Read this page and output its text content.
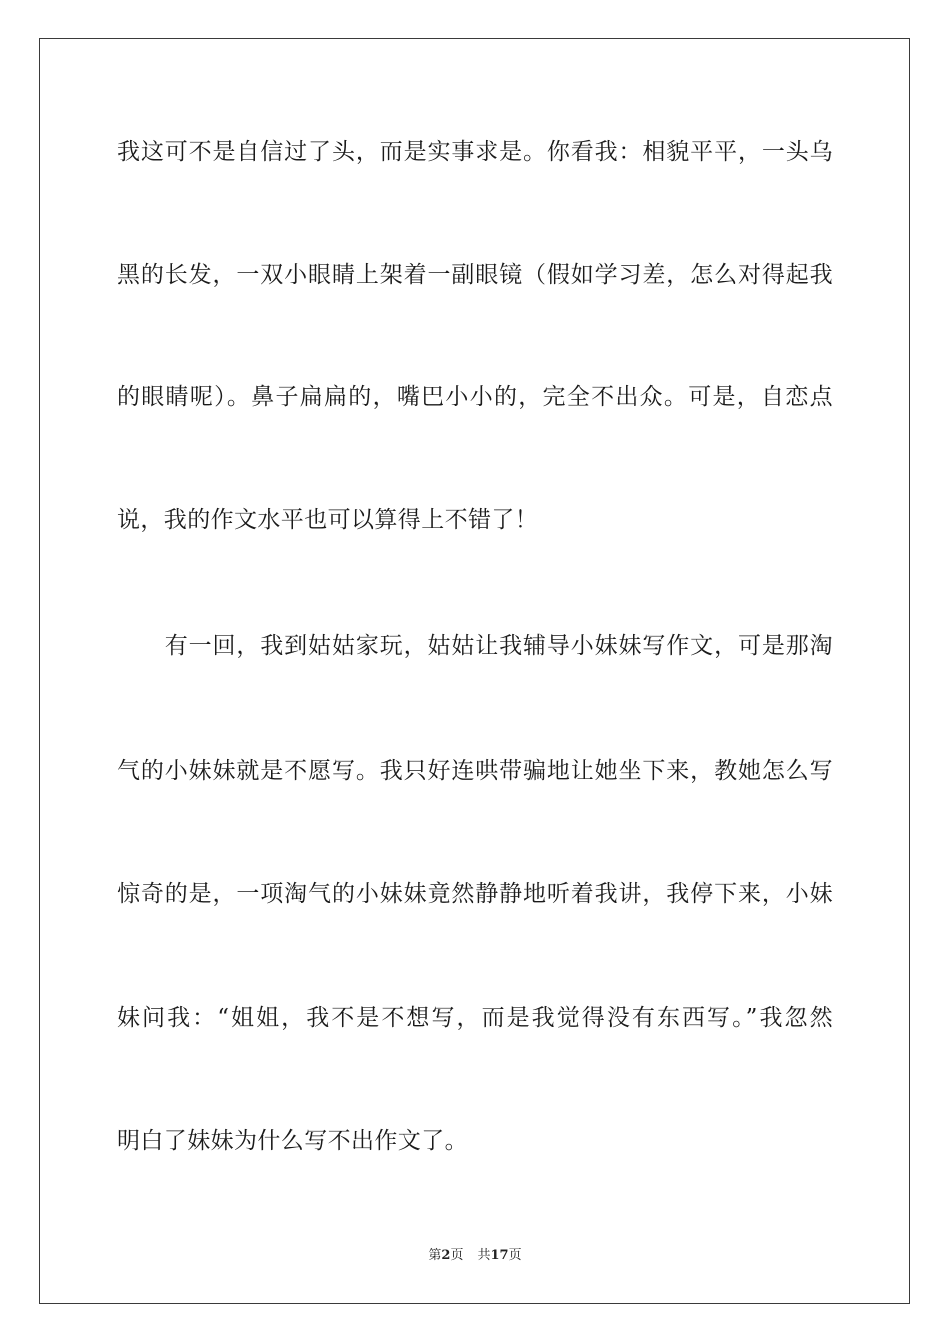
我这可不是自信过了头，而是实事求是。你看我：相貌平平，一头乌
黑的长发，一双小眼睛上架着一副眼镜（假如学习差，怎么对得起我
的眼睛呢）。鼻子扁扁的，嘴巴小小的，完全不出众。可是，自恋点
说，我的作文水平也可以算得上不错了！
　　有一回，我到姑姑家玩，姑姑让我辅导小妹妹写作文，可是那淘
气的小妹妹就是不愿写。我只好连哄带骗地让她坐下来，教她怎么写
惊奇的是，一项淘气的小妹妹竟然静静地听着我讲，我停下来，小妹
妹问我：“姐姐，我不是不想写，而是我觉得没有东西写。”我忽然
明白了妹妹为什么写不出作文了。
第2页 共17页
